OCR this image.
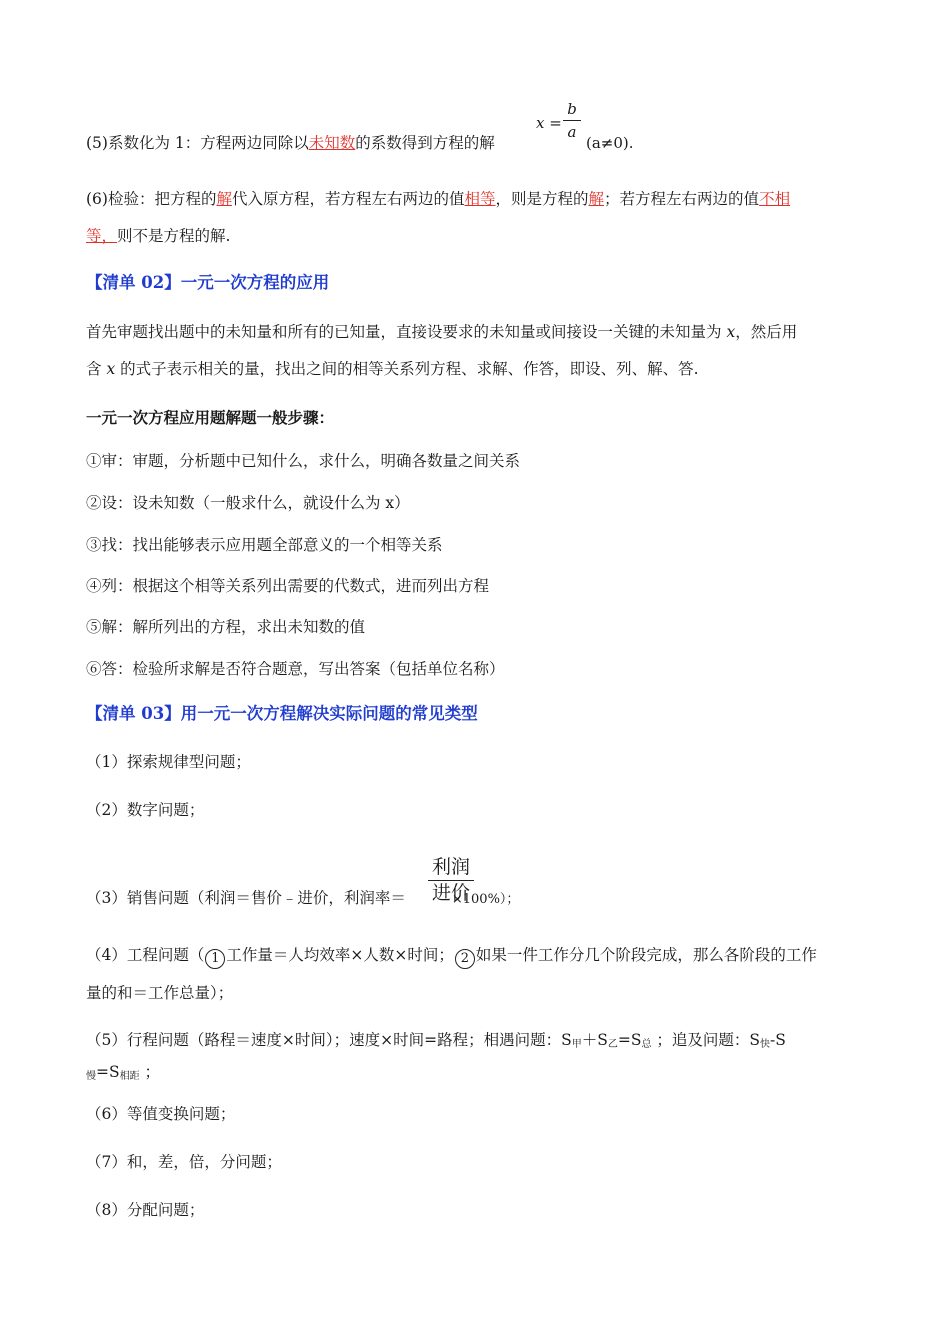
(5)系数化为 1：方程两边同除以未知数的系数得到方程的解
x =
b
a
(a≠0).
(6)检验：把方程的解代入原方程，若方程左右两边的值相等，则是方程的解；若方程左右两边的值不相
等，则不是方程的解.
【清单 02】一元一次方程的应用
首先审题找出题中的未知量和所有的已知量，直接设要求的未知量或间接设一关键的未知量为 x，然后用
含 x 的式子表示相关的量，找出之间的相等关系列方程、求解、作答，即设、列、解、答.
一元一次方程应用题解题一般步骤：
①审：审题，分析题中已知什么，求什么，明确各数量之间关系
②设：设未知数（一般求什么，就设什么为 x）
③找：找出能够表示应用题全部意义的一个相等关系
④列：根据这个相等关系列出需要的代数式，进而列出方程
⑤解：解所列出的方程，求出未知数的值
⑥答：检验所求解是否符合题意，写出答案（包括单位名称）
【清单 03】用一元一次方程解决实际问题的常见类型
（1）探索规律型问题；
（2）数字问题；
（3）销售问题（利润＝售价﹣进价，利润率＝	×100%）；
利润
进价
（4）工程问题（ 1 工作量＝人均效率×人数×时间； 2 如果一件工作分几个阶段完成，那么各阶段的工作
量的和＝工作总量）；
（5）行程问题（路程＝速度×时间）；速度×时间=路程；相遇问题：$S_甲+S_乙=S_总$ ；追及问题：$S_快-S$
$_慢=S_{相距}$ ；
（6）等值变换问题；
（7）和，差，倍，分问题；
（8）分配问题；
